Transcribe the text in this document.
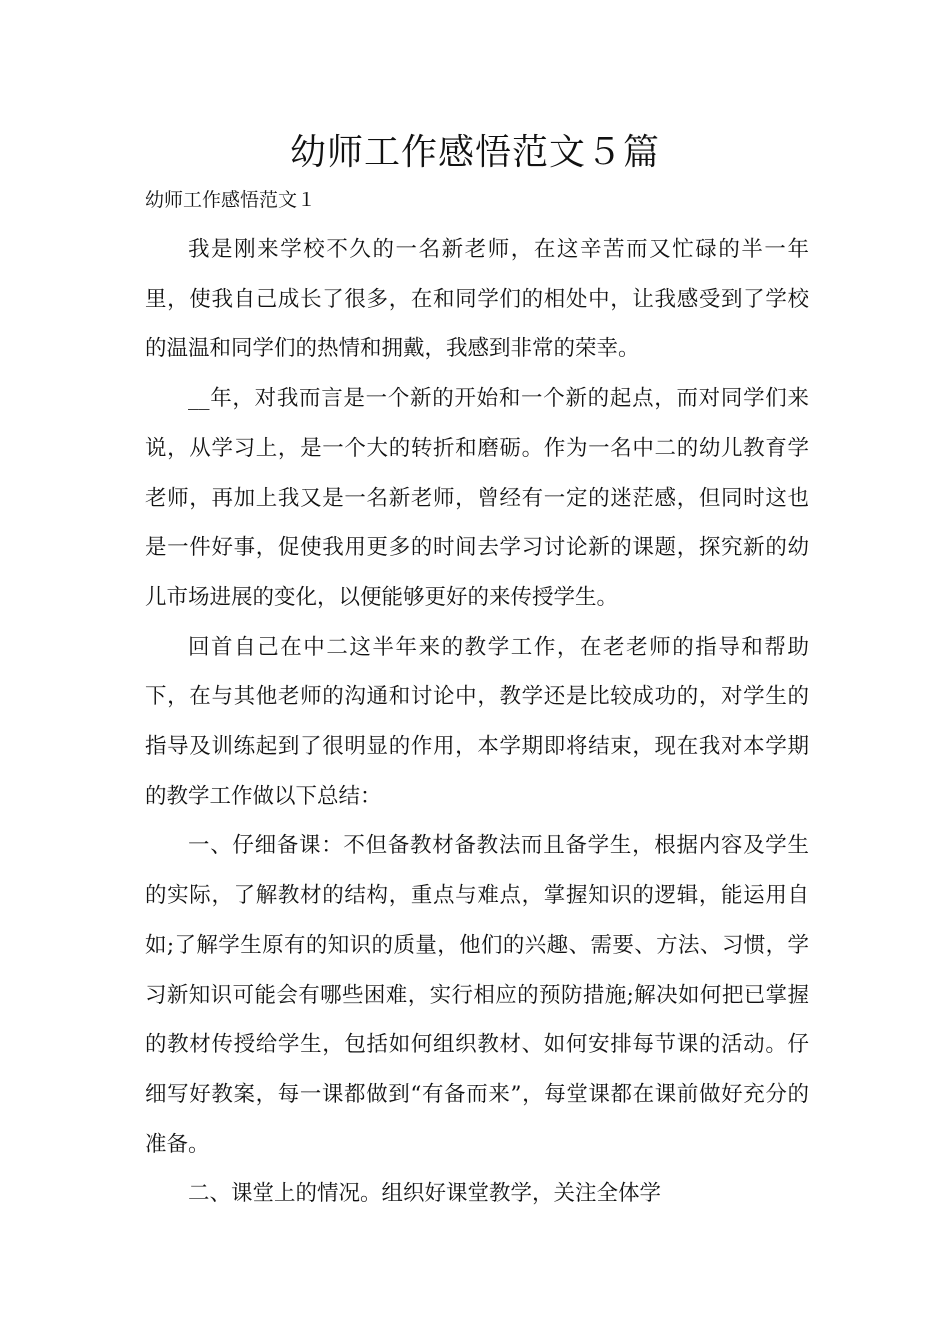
幼师工作感悟范文５篇
幼师工作感悟范文１

我是刚来学校不久的一名新老师，在这辛苦而又忙碌的半一年里，使我自己成长了很多，在和同学们的相处中，让我感受到了学校的温温和同学们的热情和拥戴，我感到非常的荣幸。

__年，对我而言是一个新的开始和一个新的起点，而对同学们来说，从学习上，是一个大的转折和磨砺。作为一名中二的幼儿教育学老师，再加上我又是一名新老师，曾经有一定的迷茫感，但同时这也是一件好事，促使我用更多的时间去学习讨论新的课题，探究新的幼儿市场进展的变化，以便能够更好的来传授学生。

回首自己在中二这半年来的教学工作，在老老师的指导和帮助下，在与其他老师的沟通和讨论中，教学还是比较成功的，对学生的指导及训练起到了很明显的作用，本学期即将结束，现在我对本学期的教学工作做以下总结：

一、仔细备课：不但备教材备教法而且备学生，根据内容及学生的实际，了解教材的结构，重点与难点，掌握知识的逻辑，能运用自如;了解学生原有的知识的质量，他们的兴趣、需要、方法、习惯，学习新知识可能会有哪些困难，实行相应的预防措施;解决如何把已掌握的教材传授给学生，包括如何组织教材、如何安排每节课的活动。仔细写好教案，每一课都做到“有备而来”，每堂课都在课前做好充分的准备。

二、课堂上的情况。组织好课堂教学，关注全体学
